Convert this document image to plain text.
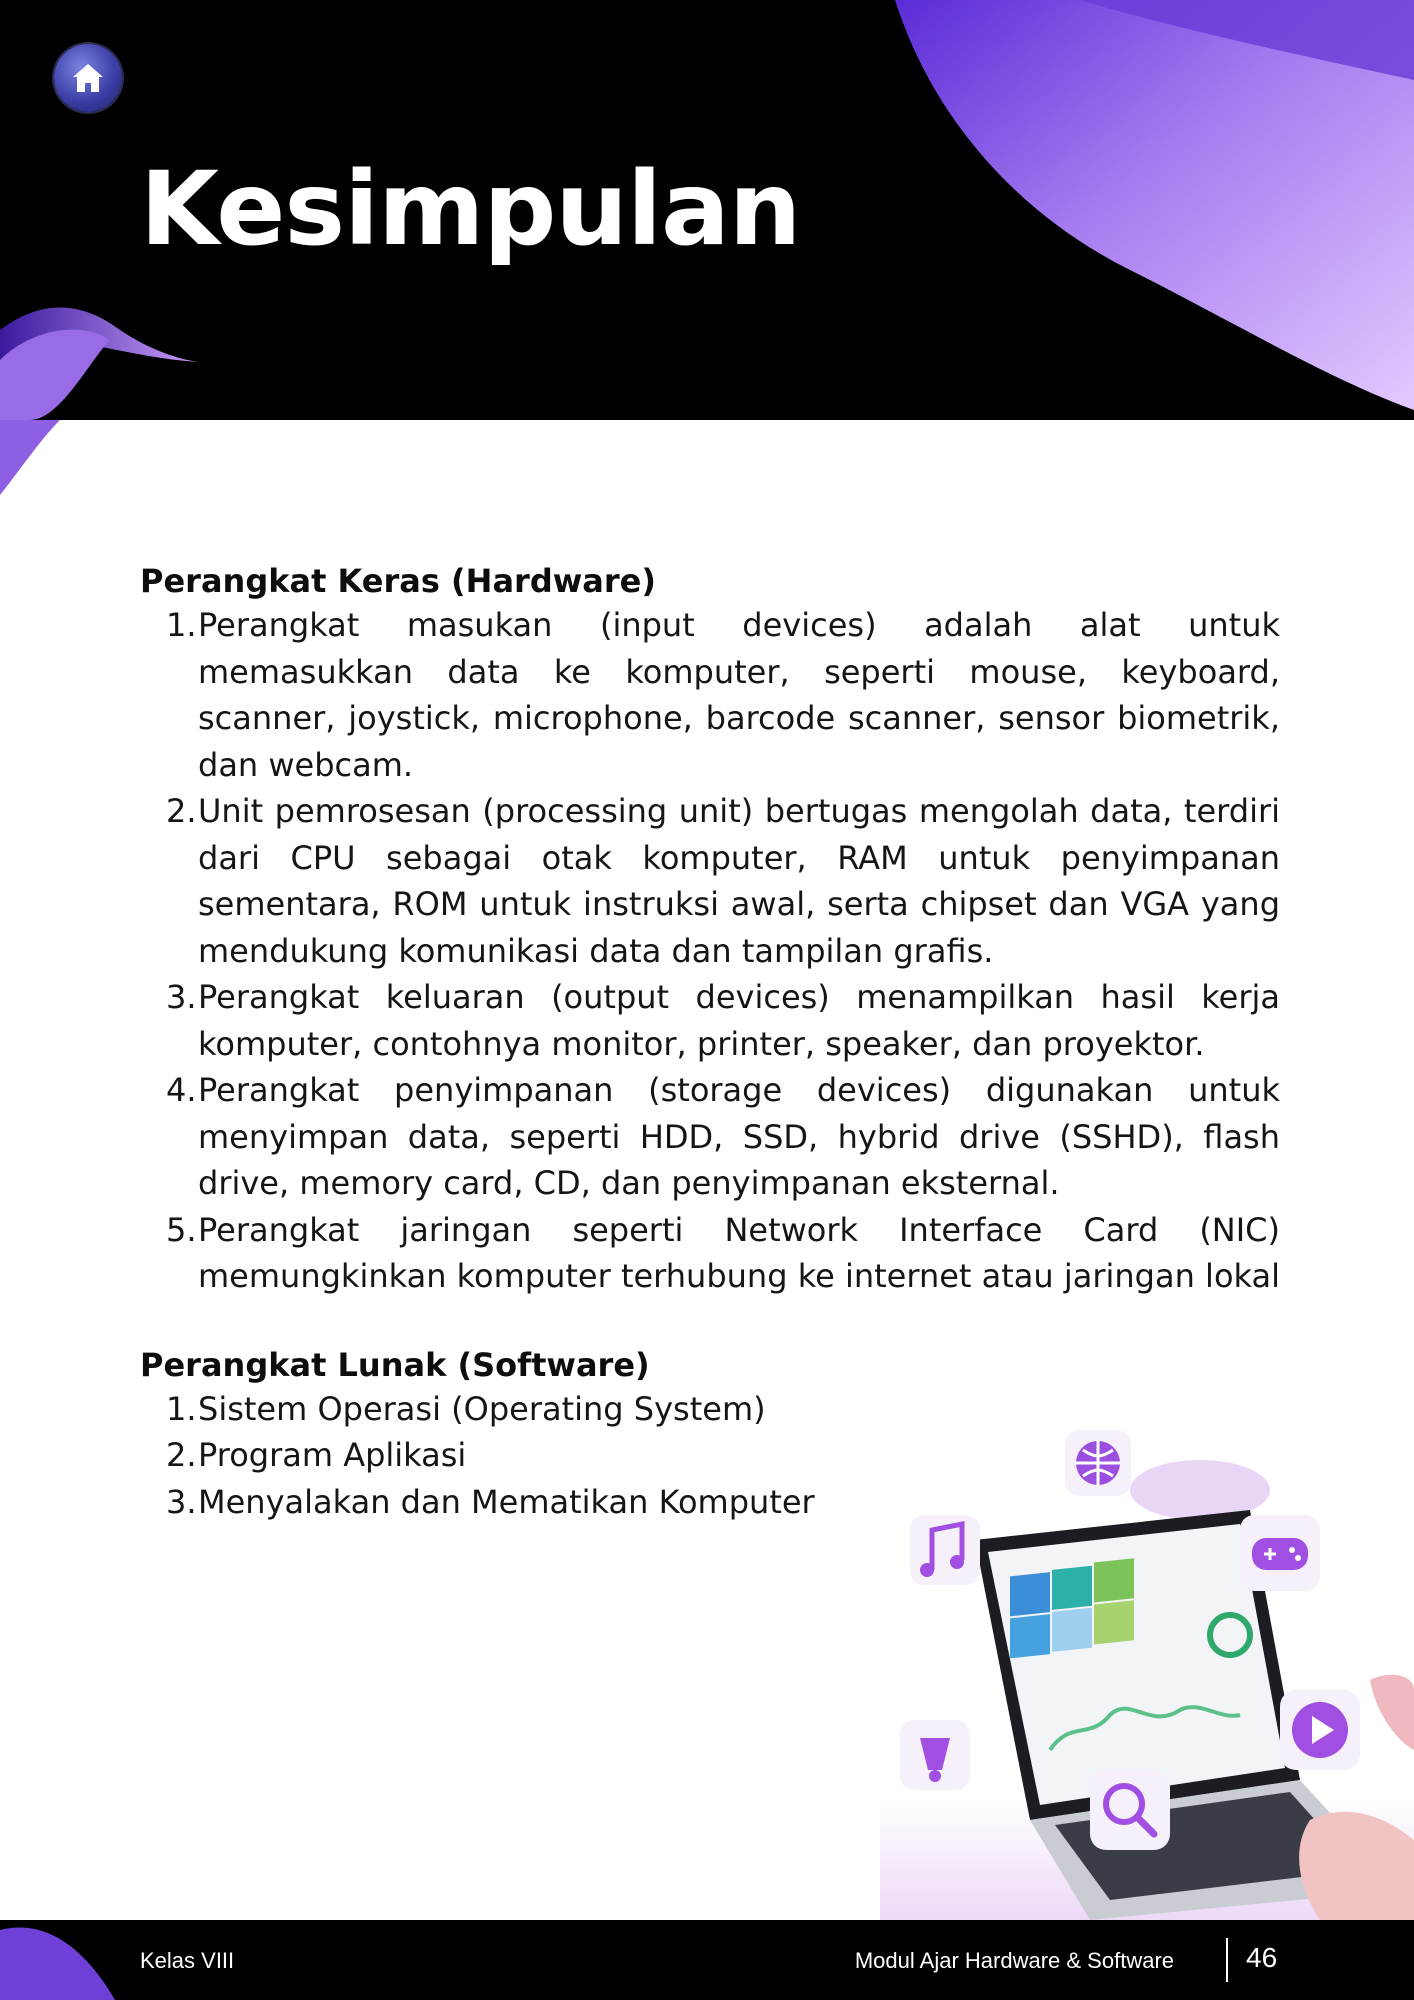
Kesimpulan
Perangkat Keras (Hardware)
1. Perangkat masukan (input devices) adalah alat untuk memasukkan data ke komputer, seperti mouse, keyboard, scanner, joystick, microphone, barcode scanner, sensor biometrik, dan webcam.
2. Unit pemrosesan (processing unit) bertugas mengolah data, terdiri dari CPU sebagai otak komputer, RAM untuk penyimpanan sementara, ROM untuk instruksi awal, serta chipset dan VGA yang mendukung komunikasi data dan tampilan grafis.
3. Perangkat keluaran (output devices) menampilkan hasil kerja komputer, contohnya monitor, printer, speaker, dan proyektor.
4. Perangkat penyimpanan (storage devices) digunakan untuk menyimpan data, seperti HDD, SSD, hybrid drive (SSHD), flash drive, memory card, CD, dan penyimpanan eksternal.
5. Perangkat jaringan seperti Network Interface Card (NIC) memungkinkan komputer terhubung ke internet atau jaringan lokal
Perangkat Lunak (Software)
1. Sistem Operasi (Operating System)
2. Program Aplikasi
3. Menyalakan dan Mematikan Komputer
Kelas VIII	Modul Ajar Hardware & Software	46
